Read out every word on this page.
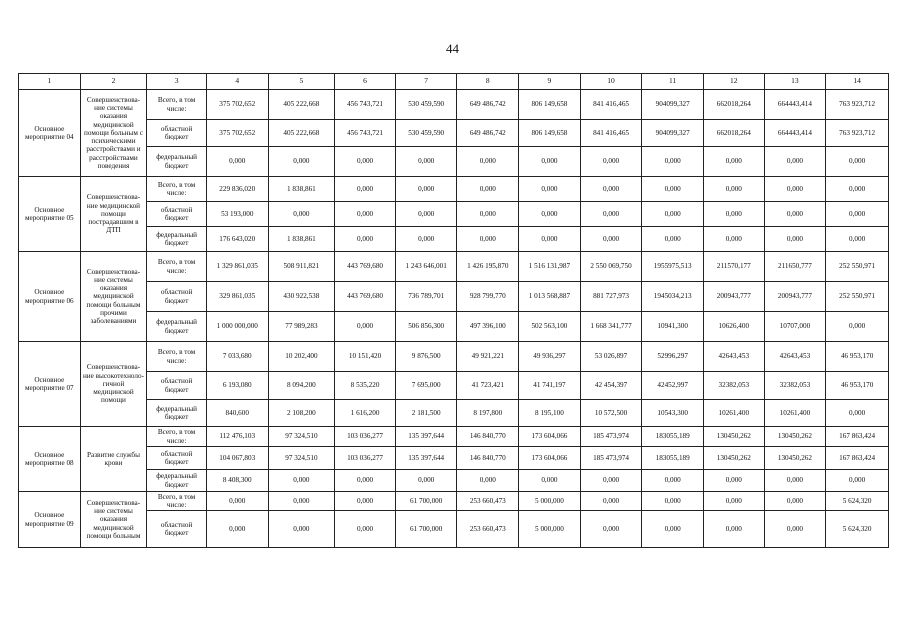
44
1	2	3	4	5	6	7	8	9	10	11	12	13	14
Основное мероприятие 04	Совершенствова-ние системы оказания медицинской помощи больным с психическими расстройствами и расстройствами поведения	Всего, в том числе:	375 702,652	405 222,668	456 743,721	530 459,590	649 486,742	806 149,658	841 416,465	904099,327	662018,264	664443,414	763 923,712
		областной бюджет	375 702,652	405 222,668	456 743,721	530 459,590	649 486,742	806 149,658	841 416,465	904099,327	662018,264	664443,414	763 923,712
		федеральный бюджет	0,000	0,000	0,000	0,000	0,000	0,000	0,000	0,000	0,000	0,000	0,000
Основное мероприятие 05	Совершенствова-ние медицинской помощи пострадавшим в ДТП	Всего, в том числе:	229 836,020	1 838,861	0,000	0,000	0,000	0,000	0,000	0,000	0,000	0,000	0,000
		областной бюджет	53 193,000	0,000	0,000	0,000	0,000	0,000	0,000	0,000	0,000	0,000	0,000
		федеральный бюджет	176 643,020	1 838,861	0,000	0,000	0,000	0,000	0,000	0,000	0,000	0,000	0,000
Основное мероприятие 06	Совершенствова-ние системы оказания медицинской помощи больным прочими заболеваниями	Всего, в том числе:	1 329 861,035	508 911,821	443 769,680	1 243 646,001	1 426 195,870	1 516 131,987	2 550 069,750	1955975,513	211570,177	211650,777	252 550,971
		областной бюджет	329 861,035	430 922,538	443 769,680	736 789,701	928 799,770	1 013 568,887	881 727,973	1945034,213	200943,777	200943,777	252 550,971
		федеральный бюджет	1 000 000,000	77 989,283	0,000	506 856,300	497 396,100	502 563,100	1 668 341,777	10941,300	10626,400	10707,000	0,000
Основное мероприятие 07	Совершенствова-ние высокотехноло-гичной медицинской помощи	Всего, в том числе:	7 033,680	10 202,400	10 151,420	9 876,500	49 921,221	49 936,297	53 026,897	52996,297	42643,453	42643,453	46 953,170
		областной бюджет	6 193,080	8 094,200	8 535,220	7 695,000	41 723,421	41 741,197	42 454,397	42452,997	32382,053	32382,053	46 953,170
		федеральный бюджет	840,600	2 108,200	1 616,200	2 181,500	8 197,800	8 195,100	10 572,500	10543,300	10261,400	10261,400	0,000
Основное мероприятие 08	Развитие службы крови	Всего, в том числе:	112 476,103	97 324,510	103 036,277	135 397,644	146 840,770	173 604,066	185 473,974	183055,189	130450,262	130450,262	167 863,424
		областной бюджет	104 067,803	97 324,510	103 036,277	135 397,644	146 840,770	173 604,066	185 473,974	183055,189	130450,262	130450,262	167 863,424
		федеральный бюджет	8 408,300	0,000	0,000	0,000	0,000	0,000	0,000	0,000	0,000	0,000	0,000
Основное мероприятие 09	Совершенствова-ние системы оказания медицинской помощи больным	Всего, в том числе:	0,000	0,000	0,000	61 700,000	253 660,473	5 000,000	0,000	0,000	0,000	0,000	5 624,320
		областной бюджет	0,000	0,000	0,000	61 700,000	253 660,473	5 000,000	0,000	0,000	0,000	0,000	5 624,320
